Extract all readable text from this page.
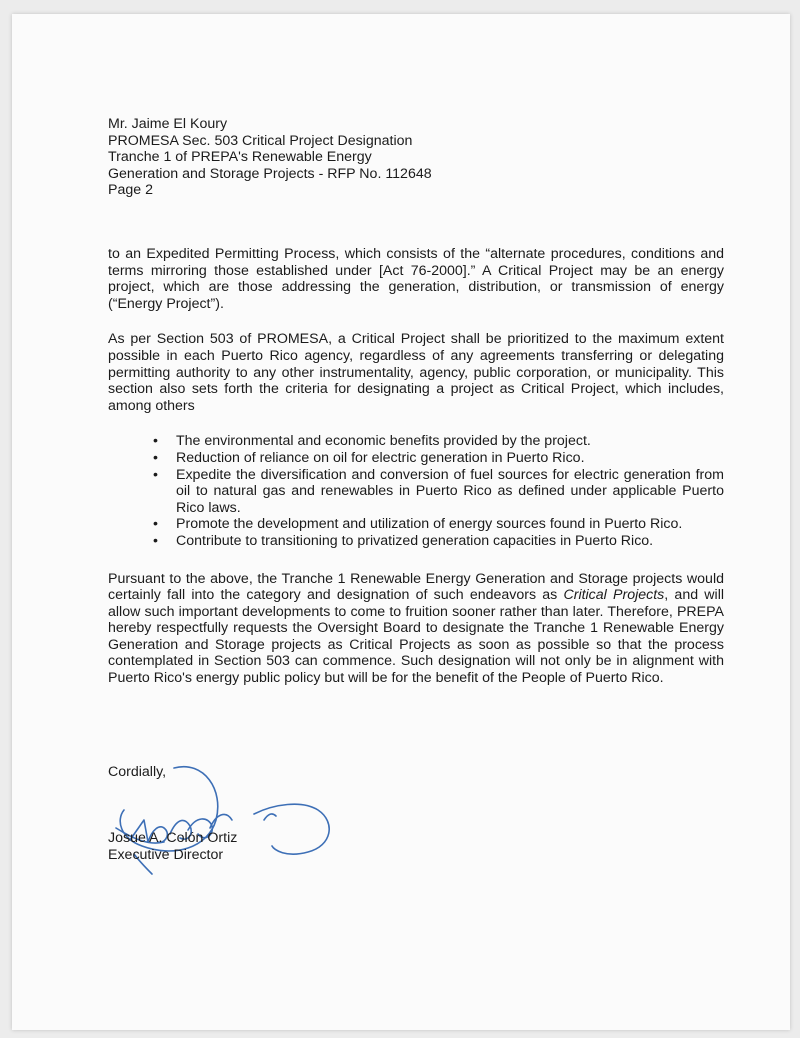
Mr. Jaime El Koury
PROMESA Sec. 503 Critical Project Designation
Tranche 1 of PREPA's Renewable Energy
Generation and Storage Projects - RFP No. 112648
Page 2

to an Expedited Permitting Process, which consists of the “alternate procedures, conditions and terms mirroring those established under [Act 76-2000].” A Critical Project may be an energy project, which are those addressing the generation, distribution, or transmission of energy (“Energy Project”).

As per Section 503 of PROMESA, a Critical Project shall be prioritized to the maximum extent possible in each Puerto Rico agency, regardless of any agreements transferring or delegating permitting authority to any other instrumentality, agency, public corporation, or municipality. This section also sets forth the criteria for designating a project as Critical Project, which includes, among others

• The environmental and economic benefits provided by the project.
• Reduction of reliance on oil for electric generation in Puerto Rico.
• Expedite the diversification and conversion of fuel sources for electric generation from oil to natural gas and renewables in Puerto Rico as defined under applicable Puerto Rico laws.
• Promote the development and utilization of energy sources found in Puerto Rico.
• Contribute to transitioning to privatized generation capacities in Puerto Rico.

Pursuant to the above, the Tranche 1 Renewable Energy Generation and Storage projects would certainly fall into the category and designation of such endeavors as Critical Projects, and will allow such important developments to come to fruition sooner rather than later. Therefore, PREPA hereby respectfully requests the Oversight Board to designate the Tranche 1 Renewable Energy Generation and Storage projects as Critical Projects as soon as possible so that the process contemplated in Section 503 can commence. Such designation will not only be in alignment with Puerto Rico's energy public policy but will be for the benefit of the People of Puerto Rico.

Cordially,
Josue A. Colón Ortiz
Executive Director
